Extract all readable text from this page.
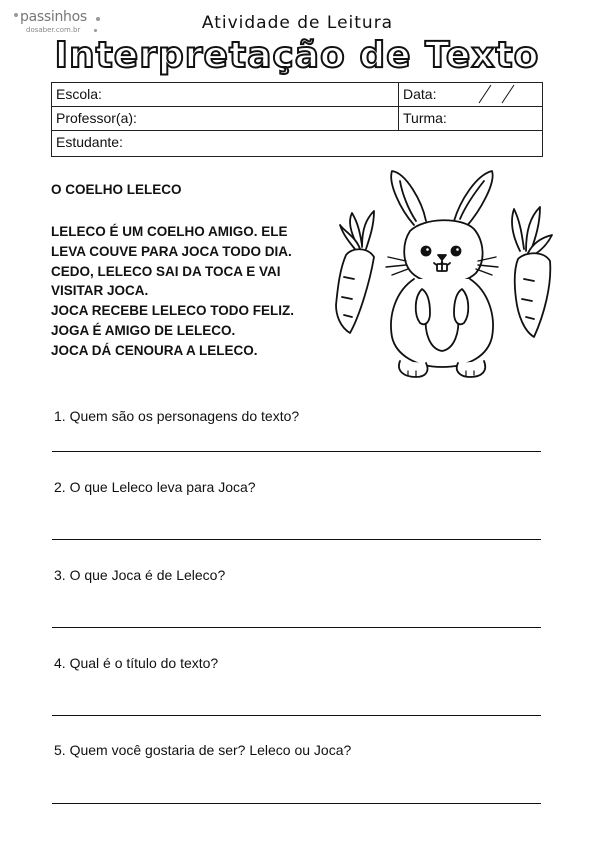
passinhos
dosaber.com.br	Atividade de Leitura
Interpretação de Texto
Escola:	Data:
Professor(a):	Turma:
Estudante:
O COELHO LELECO
LELECO É UM COELHO AMIGO. ELE
LEVA COUVE PARA JOCA TODO DIA.
CEDO, LELECO SAI DA TOCA E VAI
VISITAR JOCA.
JOCA RECEBE LELECO TODO FELIZ.
JOGA É AMIGO DE LELECO.
JOCA DÁ CENOURA A LELECO.
1. Quem são os personagens do texto?
2. O que Leleco leva para Joca?
3. O que Joca é de Leleco?
4. Qual é o título do texto?
5. Quem você gostaria de ser? Leleco ou Joca?
